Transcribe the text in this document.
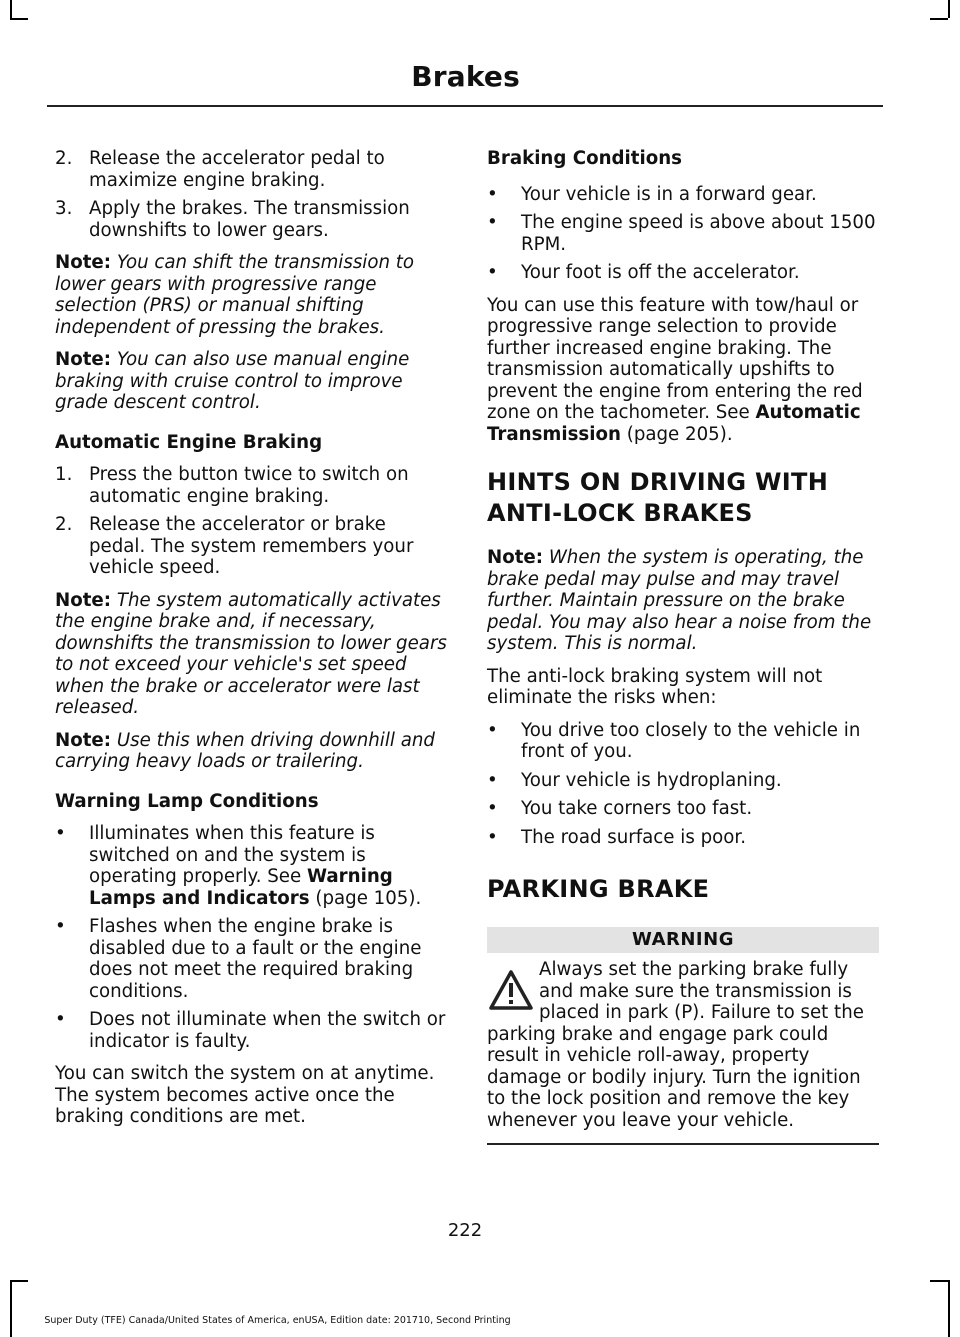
Brakes
2. Release the accelerator pedal to maximize engine braking.
3. Apply the brakes. The transmission downshifts to lower gears.

Note: You can shift the transmission to lower gears with progressive range selection (PRS) or manual shifting independent of pressing the brakes.

Note: You can also use manual engine braking with cruise control to improve grade descent control.

Automatic Engine Braking
1. Press the button twice to switch on automatic engine braking.
2. Release the accelerator or brake pedal. The system remembers your vehicle speed.

Note: The system automatically activates the engine brake and, if necessary, downshifts the transmission to lower gears to not exceed your vehicle's set speed when the brake or accelerator were last released.

Note: Use this when driving downhill and carrying heavy loads or trailering.

Warning Lamp Conditions
•	Illuminates when this feature is switched on and the system is operating properly. See Warning Lamps and Indicators (page 105).
•	Flashes when the engine brake is disabled due to a fault or the engine does not meet the required braking conditions.
•	Does not illuminate when the switch or indicator is faulty.

You can switch the system on at anytime. The system becomes active once the braking conditions are met.

Braking Conditions
•	Your vehicle is in a forward gear.
•	The engine speed is above about 1500 RPM.
•	Your foot is off the accelerator.

You can use this feature with tow/haul or progressive range selection to provide further increased engine braking. The transmission automatically upshifts to prevent the engine from entering the red zone on the tachometer. See Automatic Transmission (page 205).

HINTS ON DRIVING WITH
ANTI-LOCK BRAKES

Note: When the system is operating, the brake pedal may pulse and may travel further. Maintain pressure on the brake pedal. You may also hear a noise from the system. This is normal.

The anti-lock braking system will not eliminate the risks when:

•	You drive too closely to the vehicle in front of you.
•	Your vehicle is hydroplaning.
•	You take corners too fast.
•	The road surface is poor.
PARKING BRAKE
WARNING
Always set the parking brake fully and make sure the transmission is placed in park (P). Failure to set the parking brake and engage park could result in vehicle roll-away, property damage or bodily injury. Turn the ignition to the lock position and remove the key whenever you leave your vehicle.
222
Super Duty (TFE) Canada/United States of America, enUSA, Edition date: 201710, Second Printing
